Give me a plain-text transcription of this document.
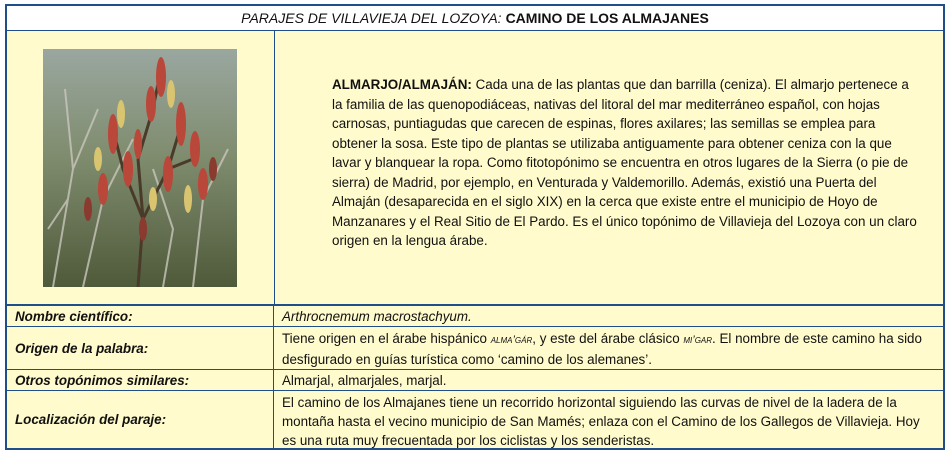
PARAJES DE VILLAVIEJA DEL LOZOYA: CAMINO DE LOS ALMAJANES
ALMARJO/ALMAJÁN: Cada una de las plantas que dan barrilla (ceniza). El almarjo pertenece a la familia de las quenopodiáceas, nativas del litoral del mar mediterráneo español, con hojas carnosas, puntiagudas que carecen de espinas, flores axilares; las semillas se emplea para obtener la sosa. Este tipo de plantas se utilizaba antiguamente para obtener ceniza con la que lavar y blanquear la ropa. Como fitotopónimo se encuentra en otros lugares de la Sierra (o pie de sierra) de Madrid, por ejemplo, en Venturada y Valdemorillo. Además, existió una Puerta del Almaján (desaparecida en el siglo XIX) en la cerca que existe entre el municipio de Hoyo de Manzanares y el Real Sitio de El Pardo. Es el único topónimo de Villavieja del Lozoya con un claro origen en la lengua árabe.
Nombre científico:	Arthrocnemum macrostachyum.
Origen de la palabra:
Tiene origen en el árabe hispánico alma’gár, y este del árabe clásico mi’gar. El nombre de este camino ha sido desfigurado en guías turística como ‘camino de los alemanes’.
Otros topónimos similares:	Almarjal, almarjales, marjal.
Localización del paraje:
El camino de los Almajanes tiene un recorrido horizontal siguiendo las curvas de nivel de la ladera de la montaña hasta el vecino municipio de San Mamés; enlaza con el Camino de los Gallegos de Villavieja. Hoy es una ruta muy frecuentada por los ciclistas y los senderistas.
